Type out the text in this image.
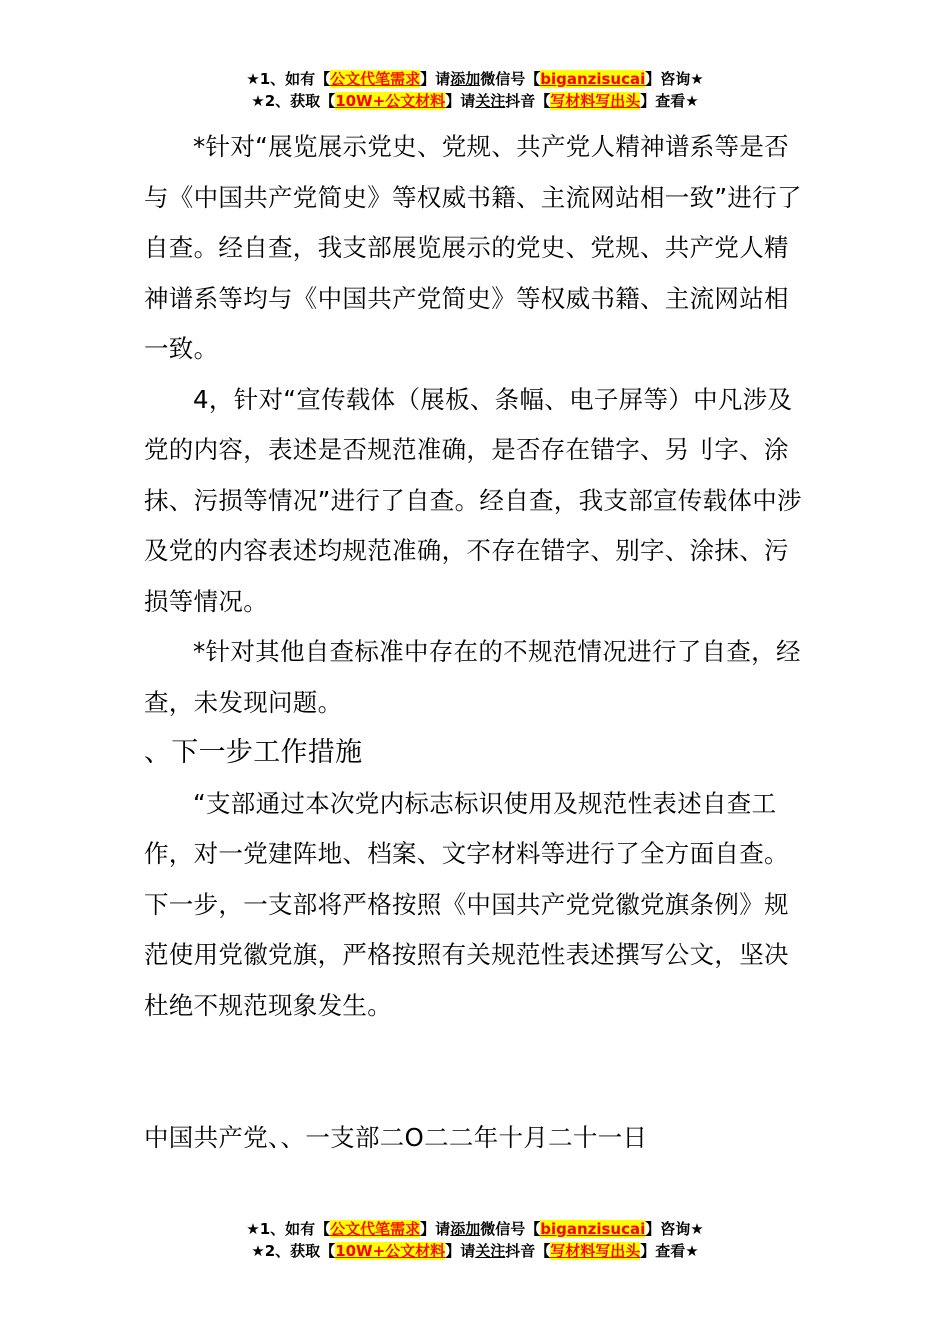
★1、如有【公文代笔需求】请添加微信号【biganzisucai】咨询★
★2、获取【10W+公文材料】请关注抖音【写材料写出头】查看★

*针对“展览展示党史、党规、共产党人精神谱系等是否与《中国共产党简史》等权威书籍、主流网站相一致”进行了自查。经自查，我支部展览展示的党史、党规、共产党人精神谱系等均与《中国共产党简史》等权威书籍、主流网站相一致。

4，针对“宣传载体（展板、条幅、电子屏等）中凡涉及党的内容，表述是否规范准确，是否存在错字、另刂字、涂抹、污损等情况”进行了自查。经自查，我支部宣传载体中涉及党的内容表述均规范准确，不存在错字、别字、涂抹、污损等情况。

*针对其他自查标准中存在的不规范情况进行了自查，经查，未发现问题。

、下一步工作措施

“支部通过本次党内标志标识使用及规范性表述自查工作，对一党建阵地、档案、文字材料等进行了全方面自查。下一步，一支部将严格按照《中国共产党党徽党旗条例》规范使用党徽党旗，严格按照有关规范性表述撰写公文，坚决杜绝不规范现象发生。

中国共产党、、一支部二O二二年十月二十一日
★1、如有【公文代笔需求】请添加微信号【biganzisucai】咨询★
★2、获取【10W+公文材料】请关注抖音【写材料写出头】查看★
